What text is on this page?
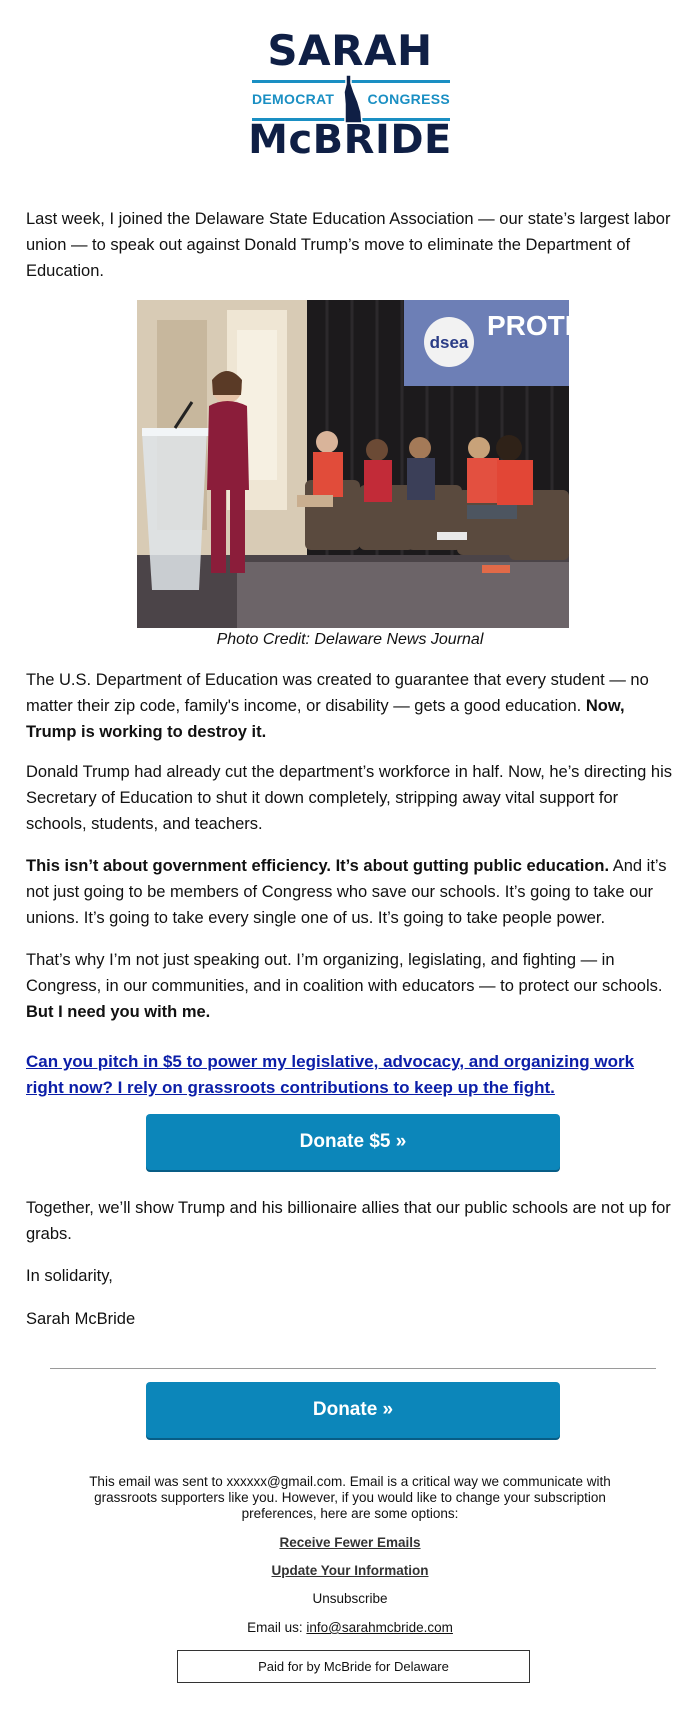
SARAH
DEMOCRAT CONGRESS
McBRIDE

Last week, I joined the Delaware State Education Association — our state’s largest labor union — to speak out against Donald Trump’s move to eliminate the Department of Education.

dsea
PROTEC
Photo Credit: Delaware News Journal

The U.S. Department of Education was created to guarantee that every student — no matter their zip code, family's income, or disability — gets a good education. Now, Trump is working to destroy it.

Donald Trump had already cut the department’s workforce in half. Now, he’s directing his Secretary of Education to shut it down completely, stripping away vital support for schools, students, and teachers.

This isn’t about government efficiency. It’s about gutting public education. And it’s not just going to be members of Congress who save our schools. It’s going to take our unions. It’s going to take every single one of us. It’s going to take people power.

That’s why I’m not just speaking out. I’m organizing, legislating, and fighting — in Congress, in our communities, and in coalition with educators — to protect our schools. But I need you with me.

Can you pitch in $5 to power my legislative, advocacy, and organizing work right now? I rely on grassroots contributions to keep up the fight.
Donate $5 »

Together, we’ll show Trump and his billionaire allies that our public schools are not up for grabs.

In solidarity,

Sarah McBride

Donate »
This email was sent to xxxxxx@gmail.com. Email is a critical way we communicate with grassroots supporters like you. However, if you would like to change your subscription preferences, here are some options:
Receive Fewer Emails
Update Your Information
Unsubscribe
Email us: info@sarahmcbride.com
Paid for by McBride for Delaware
